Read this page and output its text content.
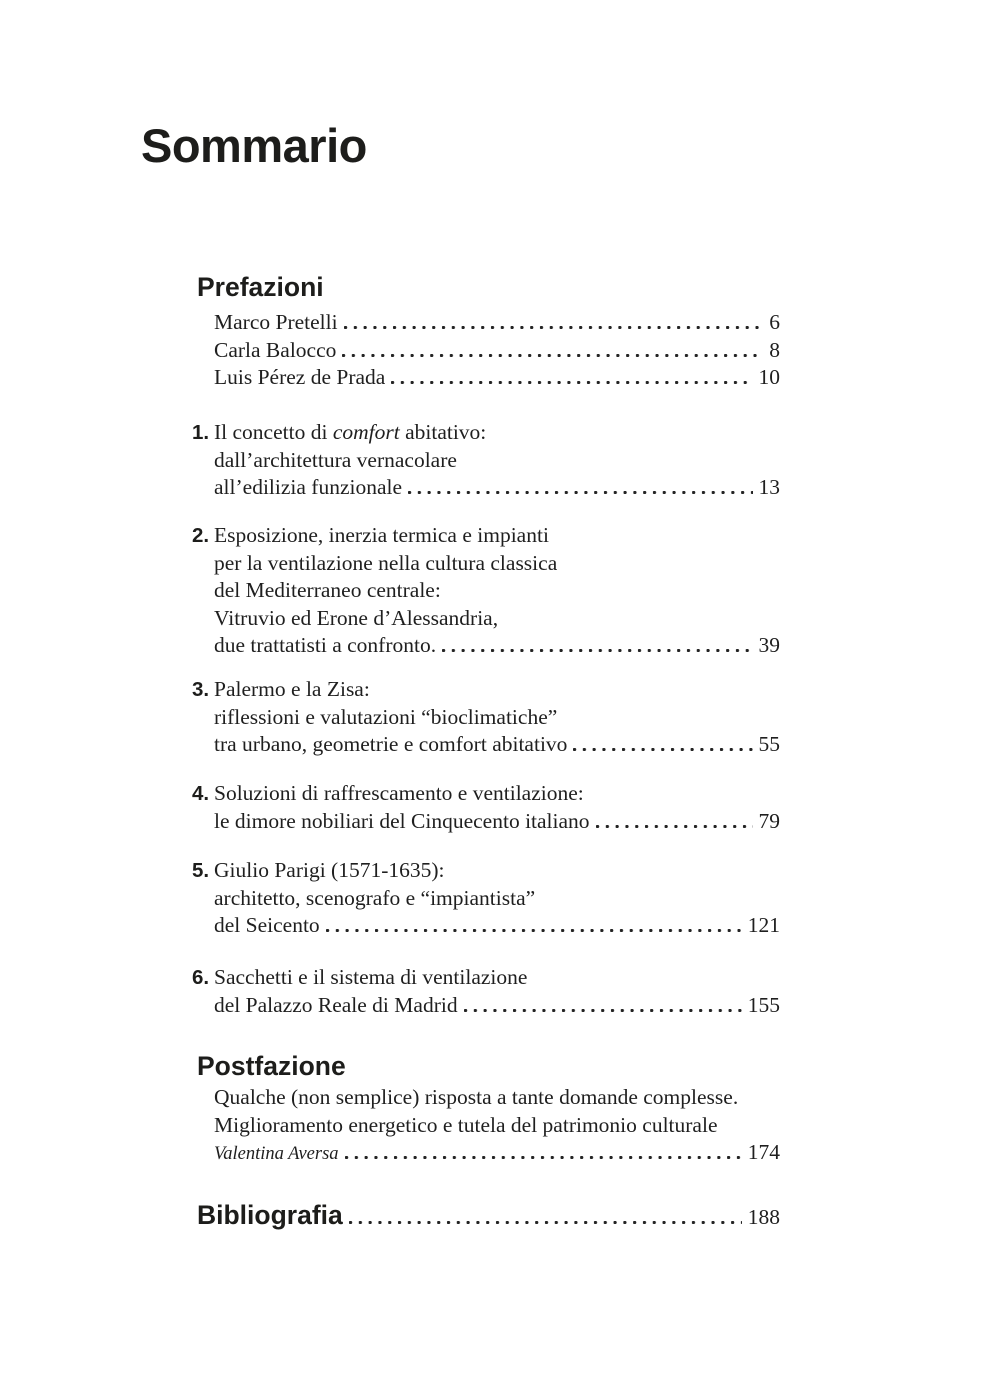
Sommario
Prefazioni
Marco Pretelli	6
Carla Balocco	8
Luis Pérez de Prada	10
1. Il concetto di comfort abitativo:
dall’architettura vernacolare
all’edilizia funzionale	13
2. Esposizione, inerzia termica e impianti
per la ventilazione nella cultura classica
del Mediterraneo centrale:
Vitruvio ed Erone d’Alessandria,
due trattatisti a confronto.	39
3. Palermo e la Zisa:
riflessioni e valutazioni “bioclimatiche”
tra urbano, geometrie e comfort abitativo	55
4. Soluzioni di raffrescamento e ventilazione:
le dimore nobiliari del Cinquecento italiano	79
5. Giulio Parigi (1571-1635):
architetto, scenografo e “impiantista”
del Seicento	121
6. Sacchetti e il sistema di ventilazione
del Palazzo Reale di Madrid	155
Postfazione
Qualche (non semplice) risposta a tante domande complesse.
Miglioramento energetico e tutela del patrimonio culturale
Valentina Aversa	174
Bibliografia	188
